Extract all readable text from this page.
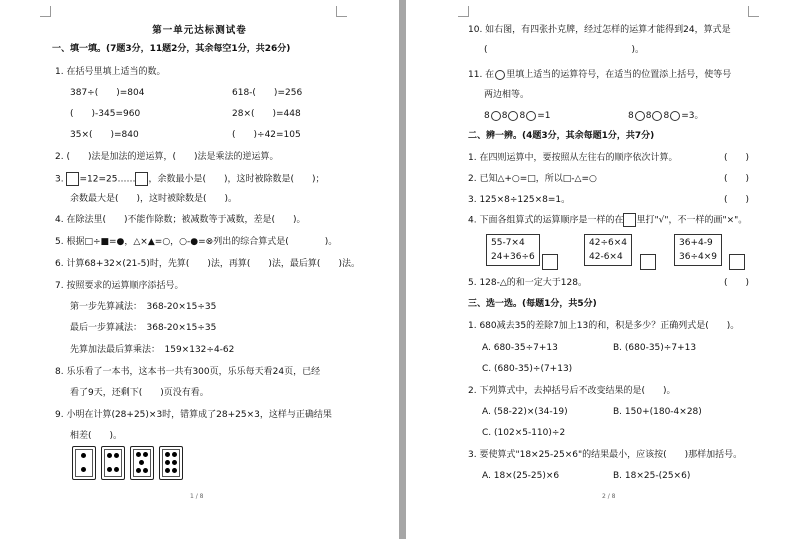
第一单元达标测试卷
一、填一填。(7题3分，11题2分，其余每空1分，共26分)
1. 在括号里填上适当的数。
387÷(　　)=804	618-(　　)=256
(　　)-345=960	28×(　　)=448
35×(　　)=840	(　　)÷42=105
2. (　　)法是加法的逆运算，(　　)法是乘法的逆运算。
3. =12=25…… ，余数最小是(　　)，这时被除数是(　　)；
余数最大是(　　)，这时被除数是(　　)。
4. 在除法里(　　)不能作除数；被减数等于减数，差是(　　)。
5. 根据□÷■=●，△×▲=○，○-●=⊗列出的综合算式是(　　　　)。
6. 计算68+32×(21-5)时，先算(　　)法，再算(　　)法，最后算(　　)法。
7. 按照要求的运算顺序添括号。
第一步先算减法：　368-20×15÷35
最后一步算减法：　368-20×15÷35
先算加法最后算乘法：　159×132÷4-62
8. 乐乐看了一本书，这本书一共有300页，乐乐每天看24页，已经
看了9天，还剩下(　　)页没有看。
9. 小明在计算(28+25)×3时，错算成了28+25×3，这样与正确结果
相差(　　)。
1 / 8
10. 如右图，有四张扑克牌，经过怎样的运算才能得到24，算式是
(　　　　　　　　　　　　　　　　)。
11. 在 里填上适当的运算符号，在适当的位置添上括号，使等号
两边相等。
8 8 8 =1	8 8 8 =3。
二、辨一辨。(4题3分，其余每题1分，共7分)
1. 在四则运算中，要按照从左往右的顺序依次计算。	(　　)
2. 已知△+○=□，所以□-△=○	(　　)
3. 125×8÷125×8=1。	(　　)
4. 下面各组算式的运算顺序是一样的在 里打"√"，不一样的画"×"。
55-7×4
24+36÷6
42÷6×4
42-6×4
36+4-9
36÷4×9
5. 128-△的和一定大于128。	(　　)
三、选一选。(每题1分，共5分)
1. 680减去35的差除7加上13的和，积是多少？正确列式是(　　)。
A. 680-35÷7+13	B. (680-35)÷7+13
C. (680-35)÷(7+13)
2. 下列算式中，去掉括号后不改变结果的是(　　)。
A. (58-22)×(34-19)	B. 150+(180-4×28)
C. (102×5-110)÷2
3. 要使算式"18×25-25×6"的结果最小，应该按(　　)那样加括号。
A. 18×(25-25)×6	B. 18×25-(25×6)
2 / 8
